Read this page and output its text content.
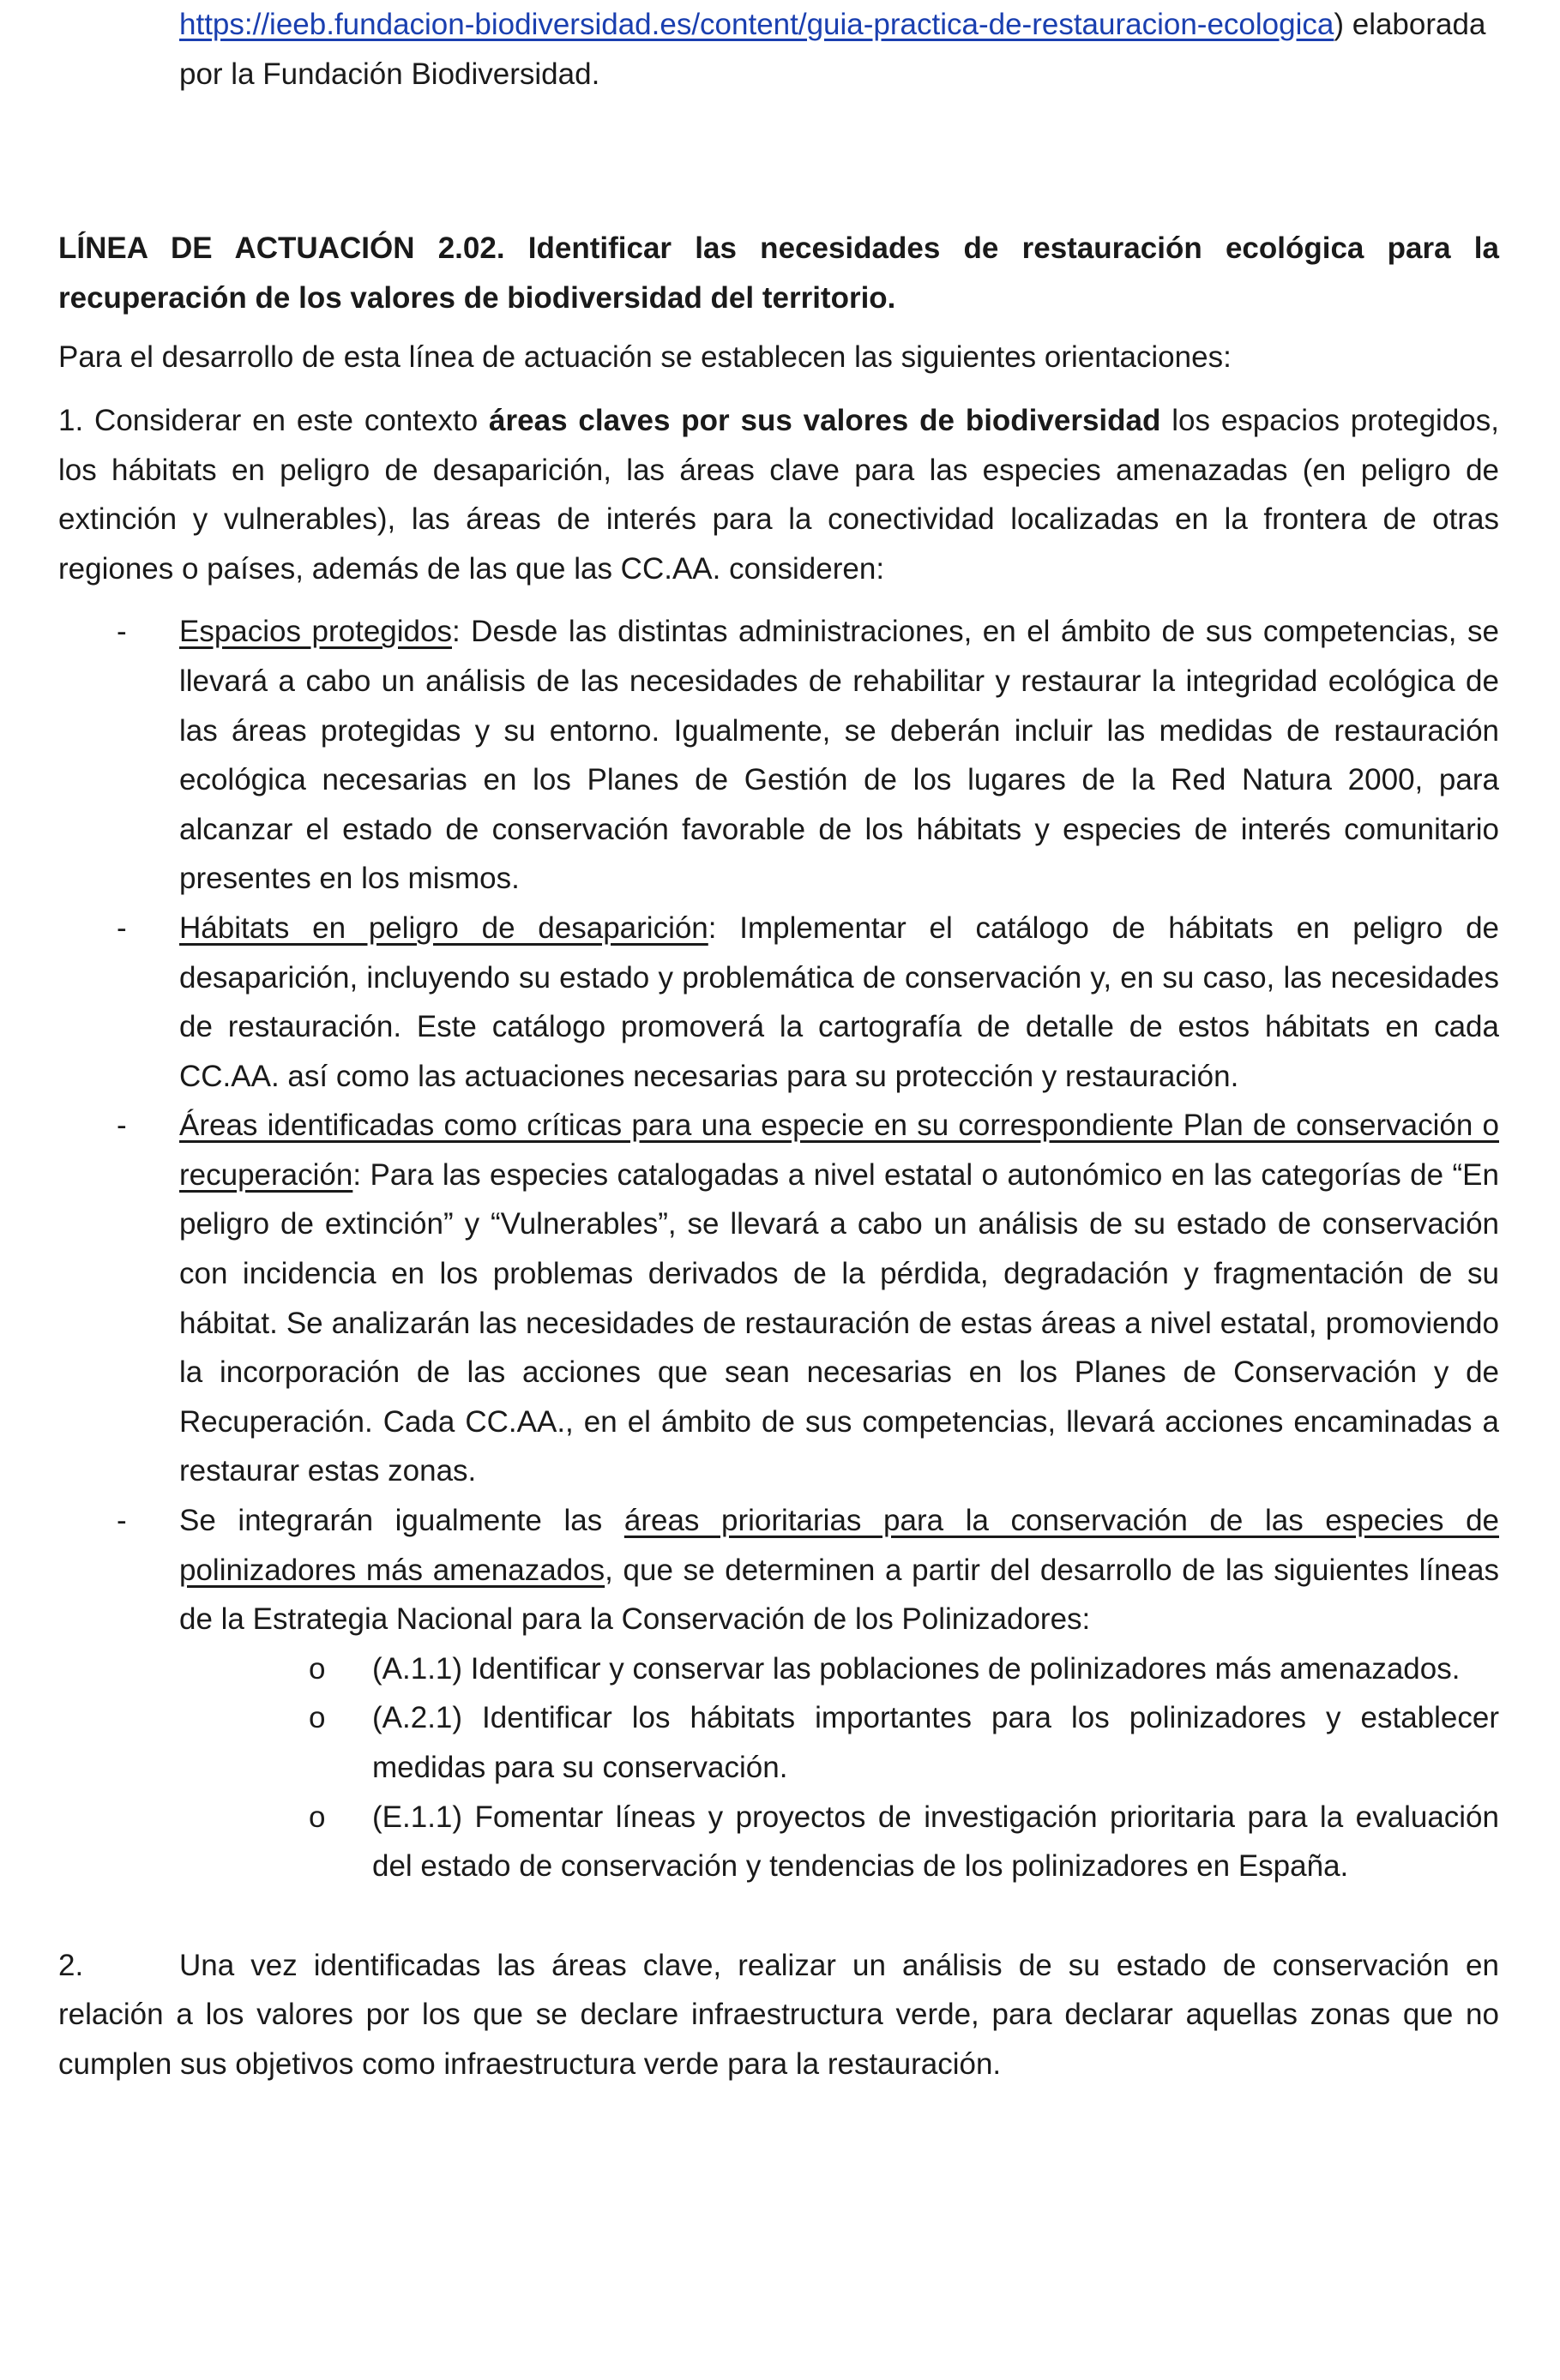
https://ieeb.fundacion-biodiversidad.es/content/guia-practica-de-restauracion-ecologica) elaborada por la Fundación Biodiversidad.
LÍNEA DE ACTUACIÓN 2.02. Identificar las necesidades de restauración ecológica para la recuperación de los valores de biodiversidad del territorio.
Para el desarrollo de esta línea de actuación se establecen las siguientes orientaciones:
1. Considerar en este contexto áreas claves por sus valores de biodiversidad los espacios protegidos, los hábitats en peligro de desaparición, las áreas clave para las especies amenazadas (en peligro de extinción y vulnerables), las áreas de interés para la conectividad localizadas en la frontera de otras regiones o países, además de las que las CC.AA. consideren:
- Espacios protegidos: Desde las distintas administraciones, en el ámbito de sus competencias, se llevará a cabo un análisis de las necesidades de rehabilitar y restaurar la integridad ecológica de las áreas protegidas y su entorno. Igualmente, se deberán incluir las medidas de restauración ecológica necesarias en los Planes de Gestión de los lugares de la Red Natura 2000, para alcanzar el estado de conservación favorable de los hábitats y especies de interés comunitario presentes en los mismos.
- Hábitats en peligro de desaparición: Implementar el catálogo de hábitats en peligro de desaparición, incluyendo su estado y problemática de conservación y, en su caso, las necesidades de restauración. Este catálogo promoverá la cartografía de detalle de estos hábitats en cada CC.AA. así como las actuaciones necesarias para su protección y restauración.
- Áreas identificadas como críticas para una especie en su correspondiente Plan de conservación o recuperación: Para las especies catalogadas a nivel estatal o autonómico en las categorías de “En peligro de extinción” y “Vulnerables”, se llevará a cabo un análisis de su estado de conservación con incidencia en los problemas derivados de la pérdida, degradación y fragmentación de su hábitat. Se analizarán las necesidades de restauración de estas áreas a nivel estatal, promoviendo la incorporación de las acciones que sean necesarias en los Planes de Conservación y de Recuperación. Cada CC.AA., en el ámbito de sus competencias, llevará acciones encaminadas a restaurar estas zonas.
- Se integrarán igualmente las áreas prioritarias para la conservación de las especies de polinizadores más amenazados, que se determinen a partir del desarrollo de las siguientes líneas de la Estrategia Nacional para la Conservación de los Polinizadores:
o (A.1.1) Identificar y conservar las poblaciones de polinizadores más amenazados.
o (A.2.1) Identificar los hábitats importantes para los polinizadores y establecer medidas para su conservación.
o (E.1.1) Fomentar líneas y proyectos de investigación prioritaria para la evaluación del estado de conservación y tendencias de los polinizadores en España.
2.	Una vez identificadas las áreas clave, realizar un análisis de su estado de conservación en relación a los valores por los que se declare infraestructura verde, para declarar aquellas zonas que no cumplen sus objetivos como infraestructura verde para la restauración.
